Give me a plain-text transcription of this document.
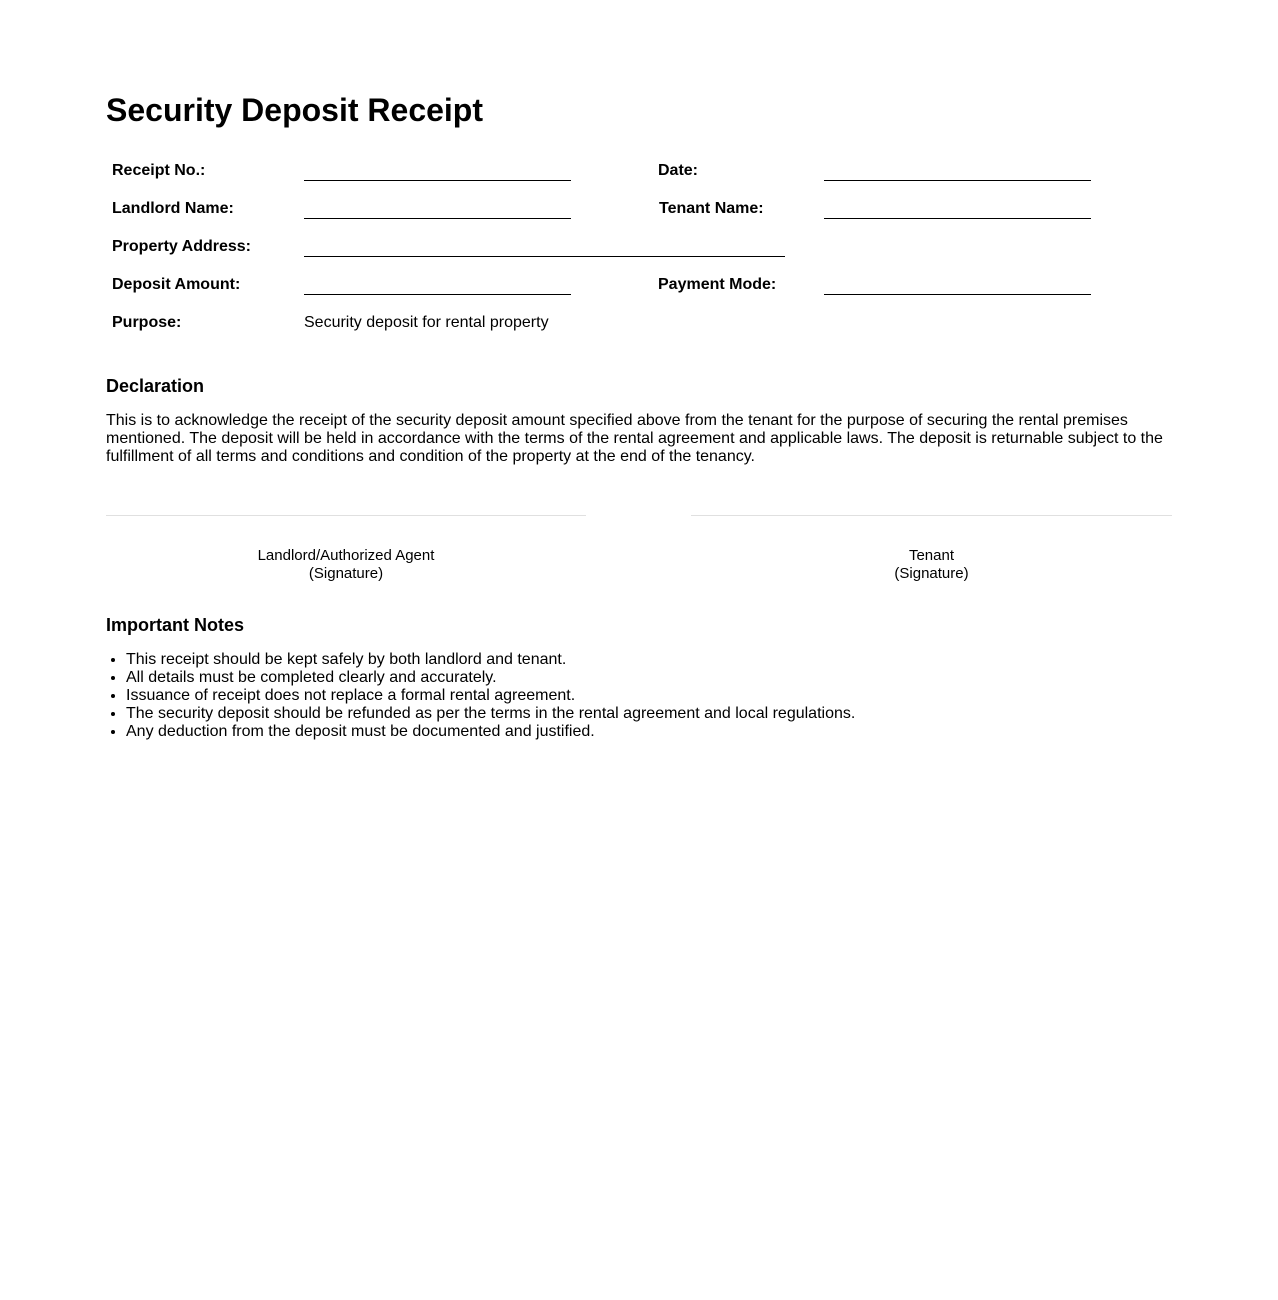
Security Deposit Receipt
Receipt No.:	Date:
Landlord Name:	Tenant Name:
Property Address:
Deposit Amount:	Payment Mode:
Purpose:	Security deposit for rental property
Declaration

This is to acknowledge the receipt of the security deposit amount specified above from the tenant for the purpose of securing the rental premises mentioned. The deposit will be held in accordance with the terms of the rental agreement and applicable laws. The deposit is returnable subject to the fulfillment of all terms and conditions and condition of the property at the end of the tenancy.

Landlord/Authorized Agent
(Signature)
Tenant
(Signature)
Important Notes
• This receipt should be kept safely by both landlord and tenant.
• All details must be completed clearly and accurately.
• Issuance of receipt does not replace a formal rental agreement.
• The security deposit should be refunded as per the terms in the rental agreement and local regulations.
• Any deduction from the deposit must be documented and justified.
